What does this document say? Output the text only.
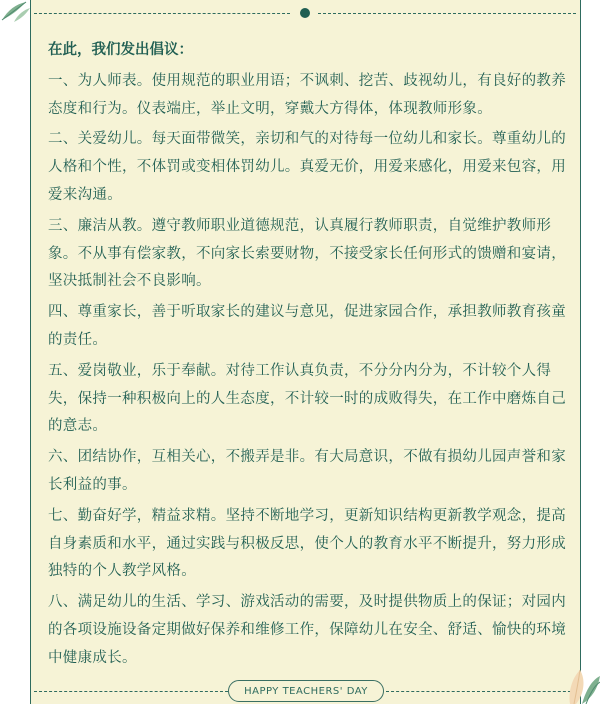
在此，我们发出倡议：
一、为人师表。使用规范的职业用语；不讽刺、挖苦、歧视幼儿，有良好的教养态度和行为。仪表端庄，举止文明，穿戴大方得体，体现教师形象。
二、关爱幼儿。每天面带微笑，亲切和气的对待每一位幼儿和家长。尊重幼儿的人格和个性，不体罚或变相体罚幼儿。真爱无价，用爱来感化，用爱来包容，用爱来沟通。
三、廉洁从教。遵守教师职业道德规范，认真履行教师职责，自觉维护教师形象。不从事有偿家教，不向家长索要财物，不接受家长任何形式的馈赠和宴请，坚决抵制社会不良影响。
四、尊重家长，善于听取家长的建议与意见，促进家园合作，承担教师教育孩童的责任。
五、爱岗敬业，乐于奉献。对待工作认真负责，不分分内分为，不计较个人得失，保持一种积极向上的人生态度，不计较一时的成败得失，在工作中磨炼自己的意志。
六、团结协作，互相关心，不搬弄是非。有大局意识，不做有损幼儿园声誉和家长利益的事。
七、勤奋好学，精益求精。坚持不断地学习，更新知识结构更新教学观念，提高自身素质和水平，通过实践与积极反思，使个人的教育水平不断提升，努力形成独特的个人教学风格。
八、满足幼儿的生活、学习、游戏活动的需要，及时提供物质上的保证；对园内的各项设施设备定期做好保养和维修工作，保障幼儿在安全、舒适、愉快的环境中健康成长。
HAPPY TEACHERS' DAY
